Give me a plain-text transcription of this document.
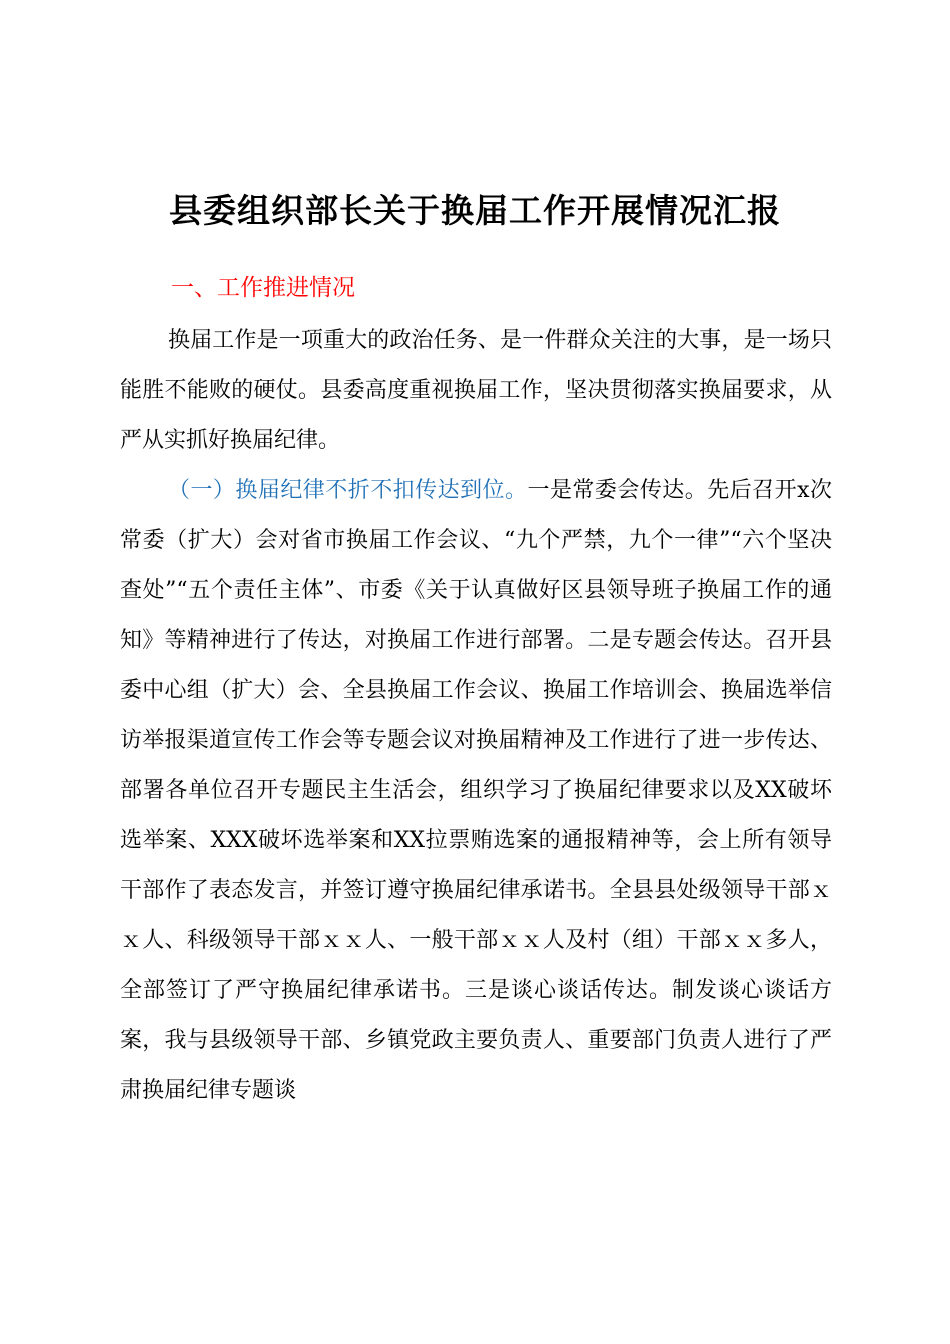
县委组织部长关于换届工作开展情况汇报
一、工作推进情况

换届工作是一项重大的政治任务、是一件群众关注的大事，是一场只能胜不能败的硬仗。县委高度重视换届工作，坚决贯彻落实换届要求，从严从实抓好换届纪律。

（一）换届纪律不折不扣传达到位。一是常委会传达。先后召开x次常委（扩大）会对省市换届工作会议、“九个严禁，九个一律”“六个坚决查处”“五个责任主体”、市委《关于认真做好区县领导班子换届工作的通知》等精神进行了传达，对换届工作进行部署。二是专题会传达。召开县委中心组（扩大）会、全县换届工作会议、换届工作培训会、换届选举信访举报渠道宣传工作会等专题会议对换届精神及工作进行了进一步传达、部署各单位召开专题民主生活会，组织学习了换届纪律要求以及XX破坏选举案、XXX破坏选举案和XX拉票贿选案的通报精神等，会上所有领导干部作了表态发言，并签订遵守换届纪律承诺书。全县县处级领导干部ｘｘ人、科级领导干部ｘｘ人、一般干部ｘｘ人及村（组）干部ｘｘ多人，全部签订了严守换届纪律承诺书。三是谈心谈话传达。制发谈心谈话方案，我与县级领导干部、乡镇党政主要负责人、重要部门负责人进行了严肃换届纪律专题谈
